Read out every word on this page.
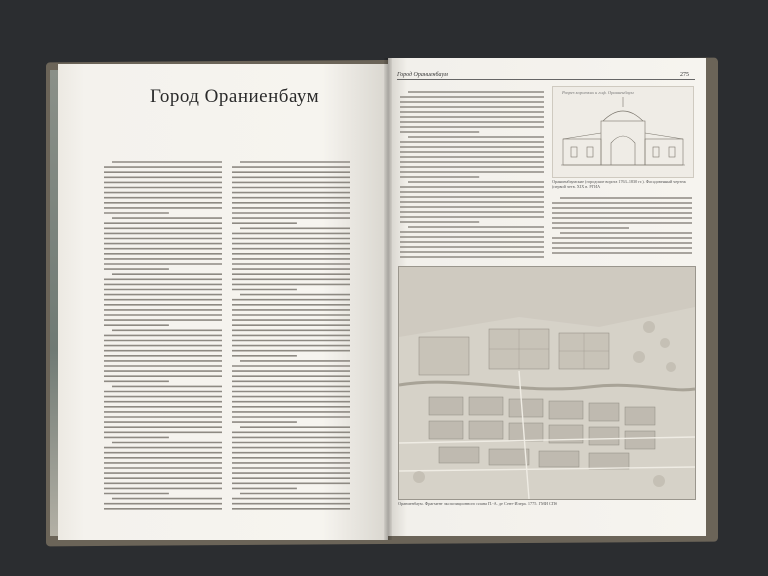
Город Ораниенбаум
Город Ораниенбаум	275
Разрез коротких и гоф. Ораниенбаум
Ораниенбаумские (городские ворота 1763–1830 гг.). Фасадовенный чертеж (первой четв. XIX в. РГИА
Ораниенбаум. Фрагмент экспозиционного плана П.-А. де Сент-Илера. 1775. ГМИ СПб
